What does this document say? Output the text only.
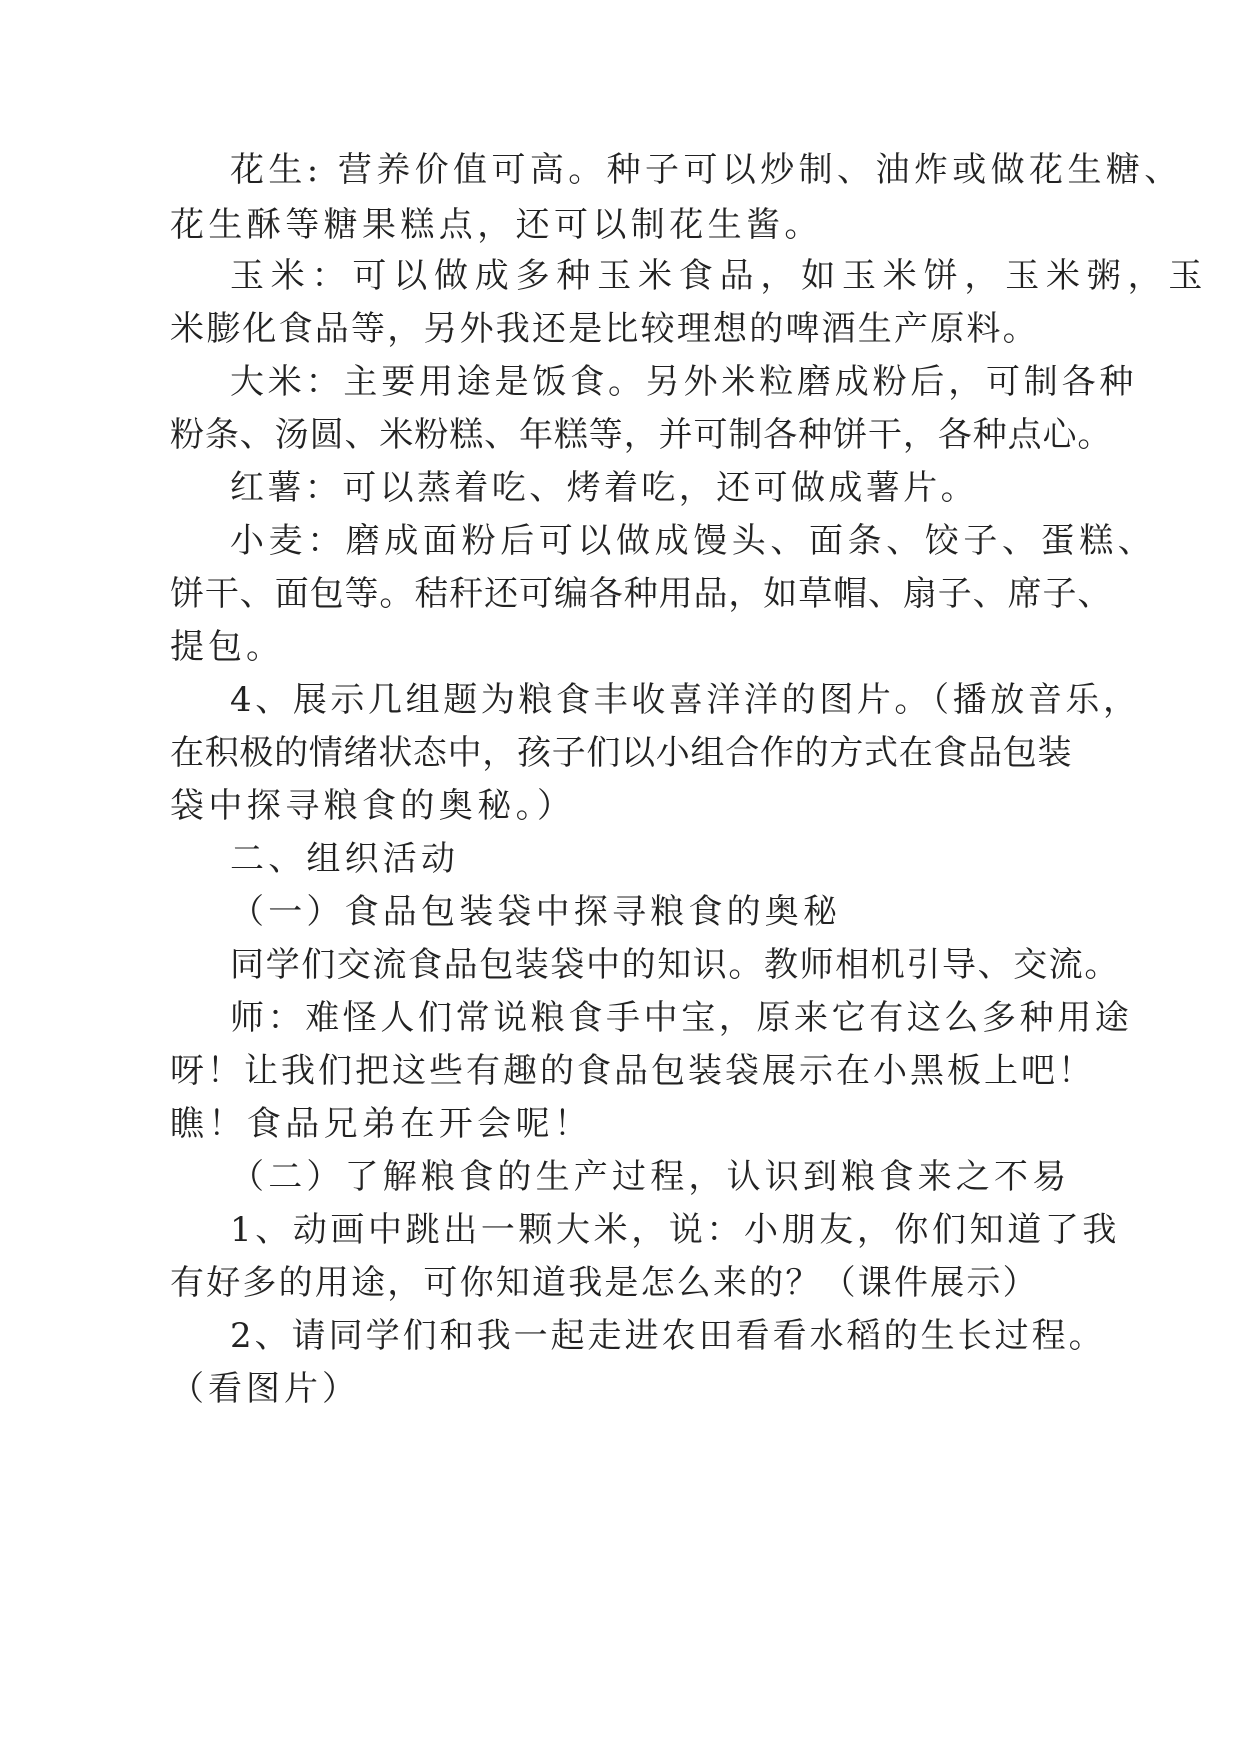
花生: 营养价值可高。种子可以炒制、油炸或做花生糖、

花生酥等糖果糕点，还可以制花生酱。

玉米：可以做成多种玉米食品，如玉米饼，玉米粥，玉

米膨化食品等，另外我还是比较理想的啤酒生产原料。

大米：主要用途是饭食。另外米粒磨成粉后，可制各种

粉条、汤圆、米粉糕、年糕等，并可制各种饼干，各种点心。

红薯：可以蒸着吃、烤着吃，还可做成薯片。

小麦：磨成面粉后可以做成馒头、面条、饺子、蛋糕、

饼干、面包等。秸秆还可编各种用品，如草帽、扇子、席子、

提包。

4、展示几组题为粮食丰收喜洋洋的图片。（播放音乐，

在积极的情绪状态中，孩子们以小组合作的方式在食品包装

袋中探寻粮食的奥秘。）

二、组织活动

（一）食品包装袋中探寻粮食的奥秘

同学们交流食品包装袋中的知识。教师相机引导、交流。

师：难怪人们常说粮食手中宝，原来它有这么多种用途

呀！让我们把这些有趣的食品包装袋展示在小黑板上吧！

瞧！食品兄弟在开会呢！

（二）了解粮食的生产过程，认识到粮食来之不易

1、动画中跳出一颗大米，说：小朋友，你们知道了我

有好多的用途，可你知道我是怎么来的？（课件展示）

2、请同学们和我一起走进农田看看水稻的生长过程。

（看图片）
